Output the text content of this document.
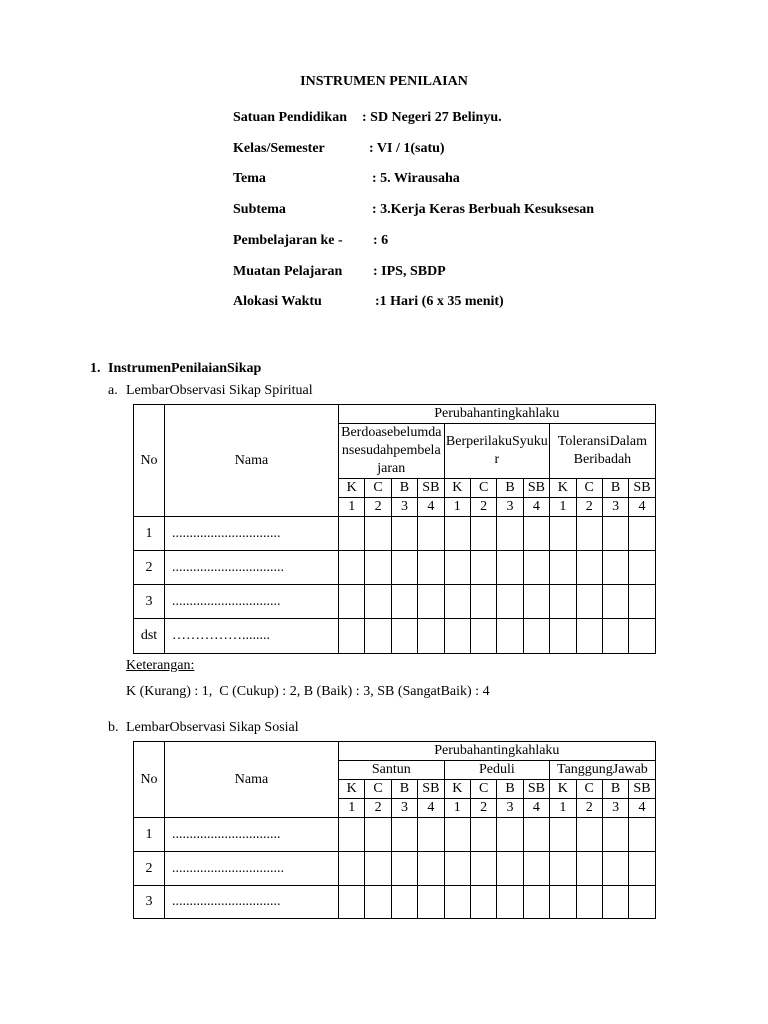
INSTRUMEN PENILAIAN
Satuan Pendidikan : SD Negeri 27 Belinyu.
Kelas/Semester	: VI / 1(satu)
Tema	: 5. Wirausaha
Subtema	: 3.Kerja Keras Berbuah Kesuksesan
Pembelajaran ke - : 6
Muatan Pelajaran : IPS, SBDP
Alokasi Waktu	:1 Hari (6 x 35 menit)
1. InstrumenPenilaianSikap
a. LembarObservasi Sikap Spiritual
No	Nama	Perubahantingkahlaku											
		Berdoasebelumdansesudahpembelajaran				BerperilakuSyukur				ToleransiDalam Beribadah			
		K	C	B	SB	K	C	B	SB	K	C	B	SB
		1	2	3	4	1	2	3	4	1	2	3	4
1	...............................												
2	................................												
3	...............................												
dst	……………........												
Keterangan:
K (Kurang) : 1,  C (Cukup) : 2, B (Baik) : 3, SB (SangatBaik) : 4
b. LembarObservasi Sikap Sosial
No	Nama	Perubahantingkahlaku											
		Santun				Peduli				TanggungJawab			
		K	C	B	SB	K	C	B	SB	K	C	B	SB
		1	2	3	4	1	2	3	4	1	2	3	4
1	...............................												
2	................................												
3	...............................												
